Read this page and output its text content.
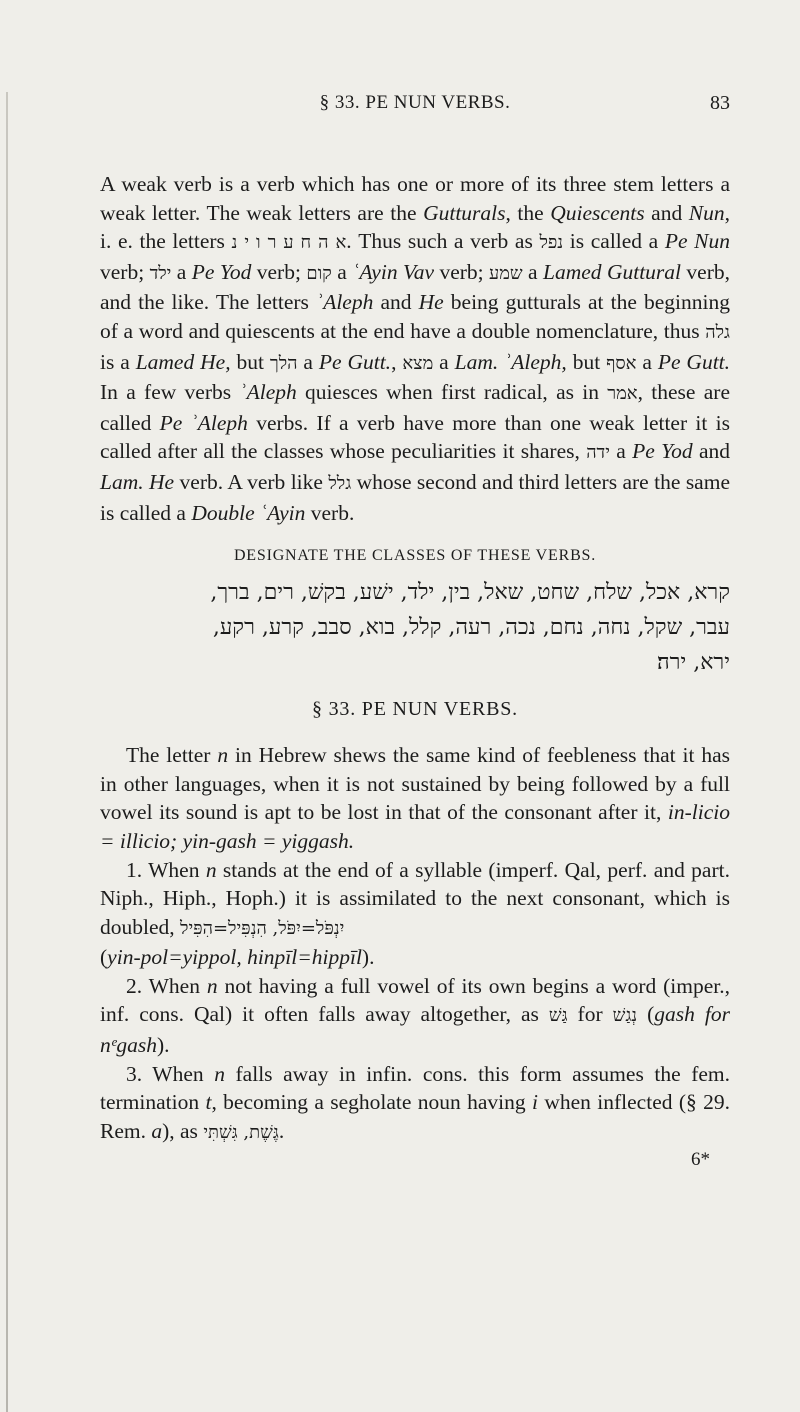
§ 33. PE NUN VERBS.	83

A weak verb is a verb which has one or more of its three stem letters a weak letter. The weak letters are the Gutturals, the Quiescents and Nun, i. e. the letters א ה ח ע ר ו י נ. Thus such a verb as נפל is called a Pe Nun verb; ילד a Pe Yod verb; קום a ʿAyin Vav verb; שמע a Lamed Guttural verb, and the like. The letters ʾAleph and He being gutturals at the beginning of a word and quiescents at the end have a double nomenclature, thus גלה is a Lamed He, but הלך a Pe Gutt., מצא a Lam. ʾAleph, but אסף a Pe Gutt. In a few verbs ʾAleph quiesces when first radical, as in אמר, these are called Pe ʾAleph verbs. If a verb have more than one weak letter it is called after all the classes whose peculiarities it shares, ידה a Pe Yod and Lam. He verb. A verb like גלל whose second and third letters are the same is called a Double ʿAyin verb.

DESIGNATE THE CLASSES OF THESE VERBS.
קרא, אכל, שלח, שחט, שאל, בין, ילד, ישׁע, בקשׁ, רים, ברך,
עבר, שקל, נחה, נחם, נכה, רעה, קלל, בוא, סבב, קרע, רקע,
ירא, ירה׃
§ 33. PE NUN VERBS.

The letter n in Hebrew shews the same kind of feebleness that it has in other languages, when it is not sustained by being followed by a full vowel its sound is apt to be lost in that of the consonant after it, in-licio = illicio; yin-gash = yiggash.

1. When n stands at the end of a syllable (imperf. Qal, perf. and part. Niph., Hiph., Hoph.) it is assimilated to the next consonant, which is doubled, יִנְפֹּל=יִפֹּל, הִנְפִּיל=הִפִּיל
(yin-pol=yippol, hinpīl=hippīl).

2. When n not having a full vowel of its own begins a word (imper., inf. cons. Qal) it often falls away altogether, as גַּשׁ for נְגַשׁ (gash for nᵉgash).

3. When n falls away in infin. cons. this form assumes the fem. termination t, becoming a segholate noun having i when inflected (§ 29. Rem. a), as גֶּשֶׁת, גִּשְׁתִּי.

6*
